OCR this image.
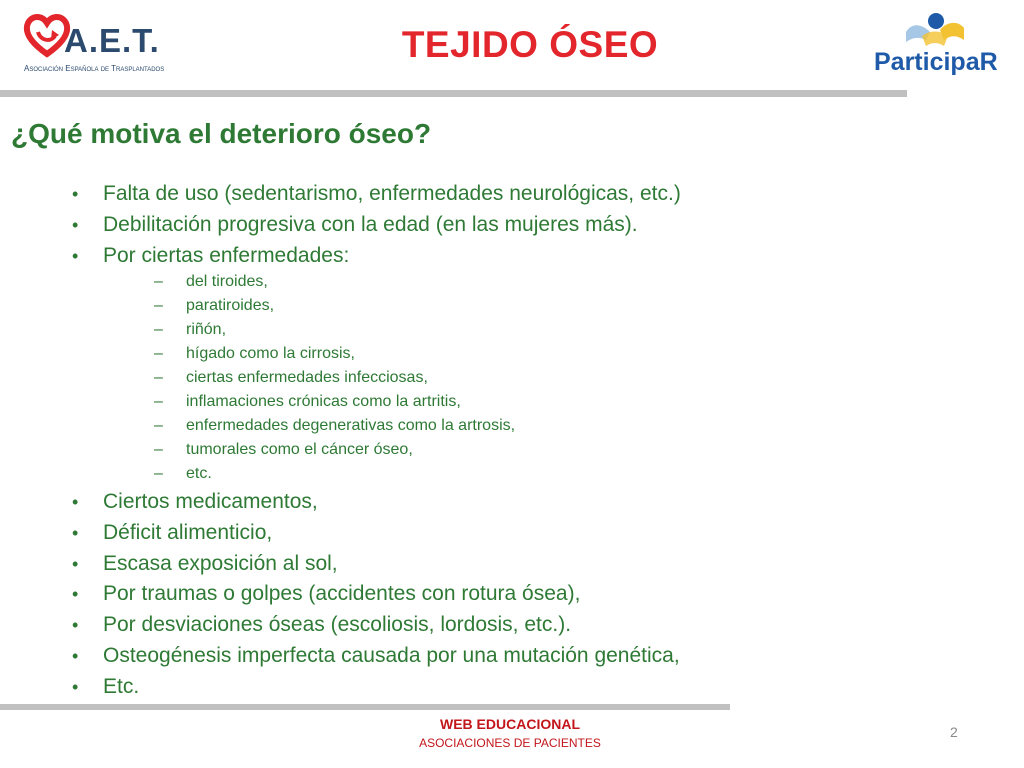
A.E.T.
Asociación Española de Trasplantados
TEJIDO ÓSEO	ParticipaR
¿Qué motiva el deterioro óseo?
• Falta de uso (sedentarismo, enfermedades neurológicas, etc.)
• Debilitación progresiva con la edad (en las mujeres más).
• Por ciertas enfermedades:
– del tiroides,
– paratiroides,
– riñón,
– hígado como la cirrosis,
– ciertas enfermedades infecciosas,
– inflamaciones crónicas como la artritis,
– enfermedades degenerativas como la artrosis,
– tumorales como el cáncer óseo,
– etc.
• Ciertos medicamentos,
• Déficit alimenticio,
• Escasa exposición al sol,
• Por traumas o golpes (accidentes con rotura ósea),
• Por desviaciones óseas (escoliosis, lordosis, etc.).
• Osteogénesis imperfecta causada por una mutación genética,
• Etc.
WEB EDUCACIONAL
ASOCIACIONES DE PACIENTES
2
